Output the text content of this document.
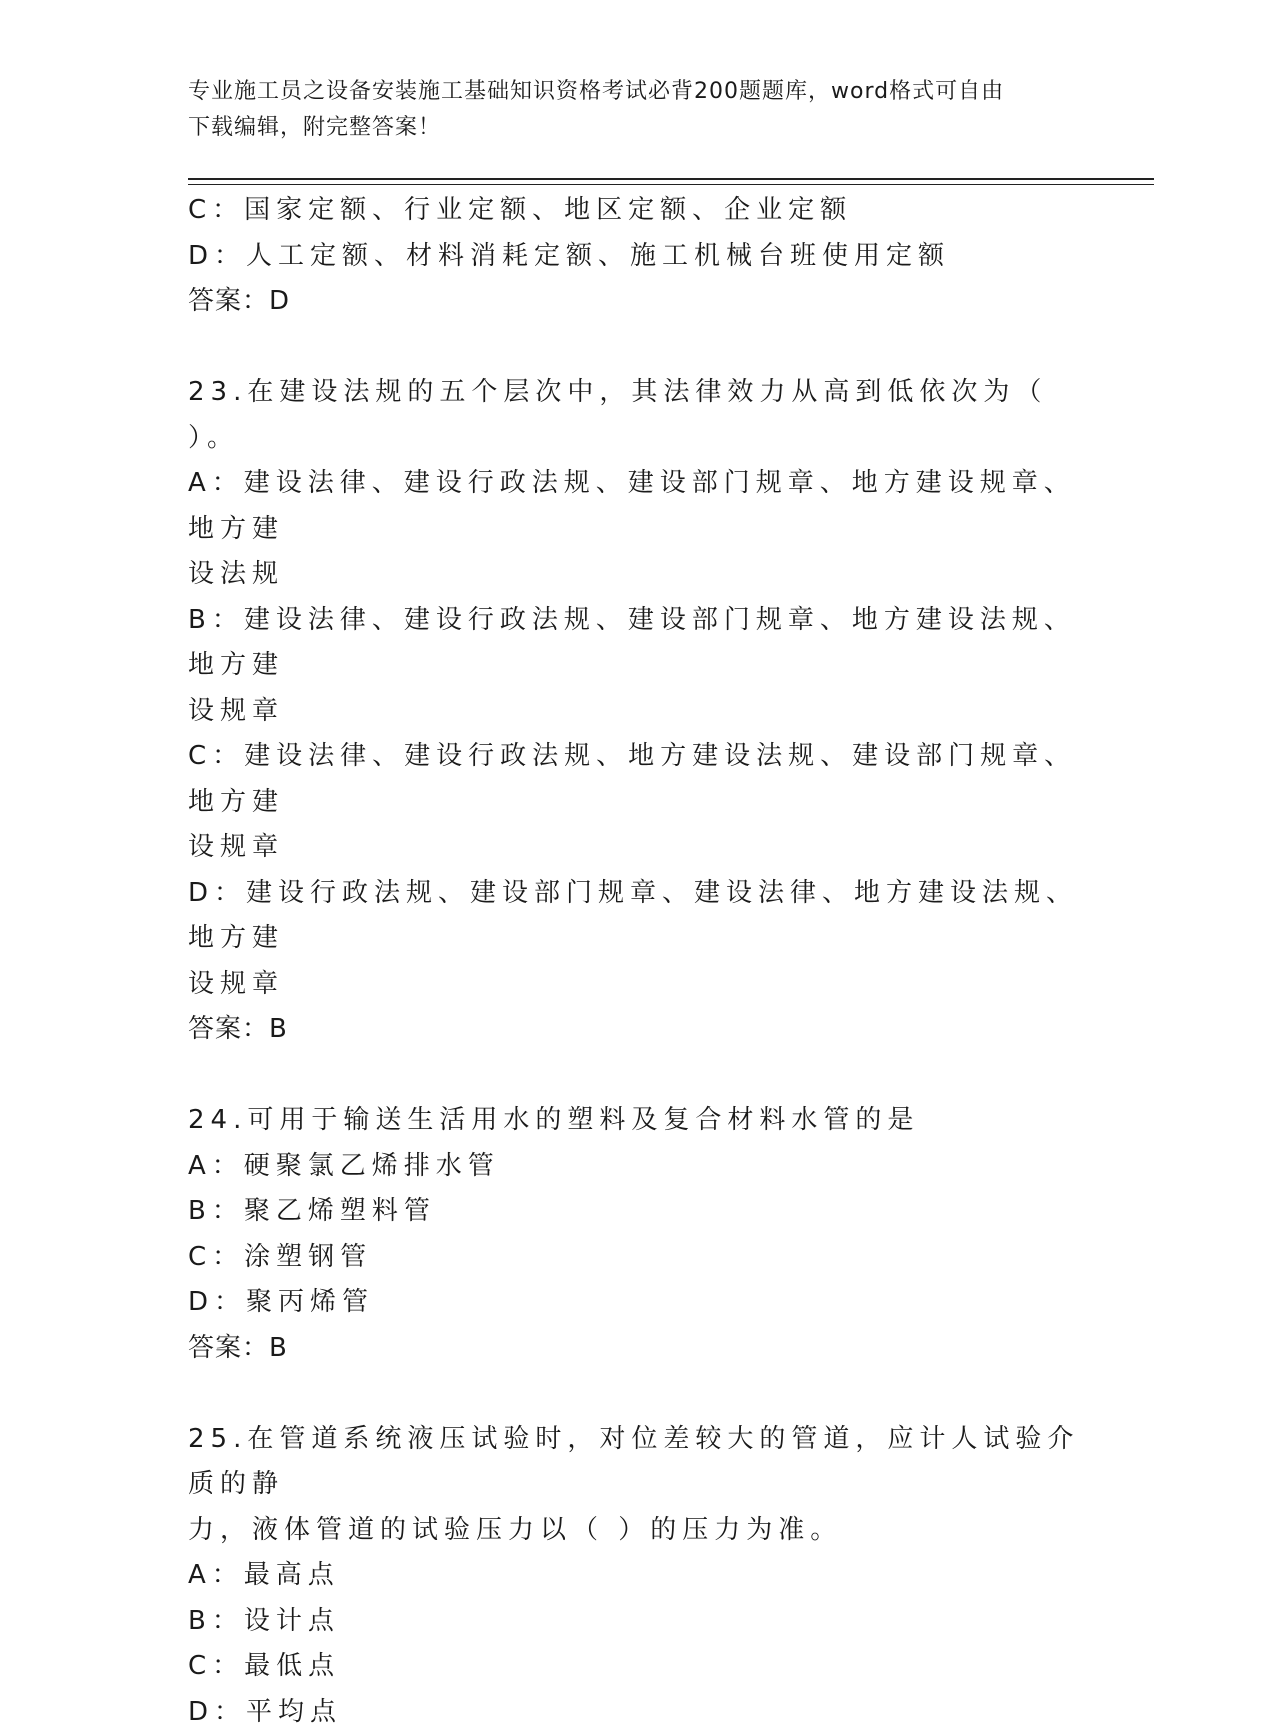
专业施工员之设备安装施工基础知识资格考试必背200题题库，word格式可自由
下载编辑，附完整答案！
C：国家定额、行业定额、地区定额、企业定额
D：人工定额、材料消耗定额、施工机械台班使用定额
答案：D
23.在建设法规的五个层次中，其法律效力从高到低依次为（ ）。
A：建设法律、建设行政法规、建设部门规章、地方建设规章、地方建
设法规
B：建设法律、建设行政法规、建设部门规章、地方建设法规、地方建
设规章
C：建设法律、建设行政法规、地方建设法规、建设部门规章、地方建
设规章
D：建设行政法规、建设部门规章、建设法律、地方建设法规、地方建
设规章
答案：B
24.可用于输送生活用水的塑料及复合材料水管的是
A：硬聚氯乙烯排水管
B：聚乙烯塑料管
C：涂塑钢管
D：聚丙烯管
答案：B
25.在管道系统液压试验时，对位差较大的管道，应计人试验介质的静
力，液体管道的试验压力以（ ）的压力为准。
A：最高点
B：设计点
C：最低点
D：平均点
